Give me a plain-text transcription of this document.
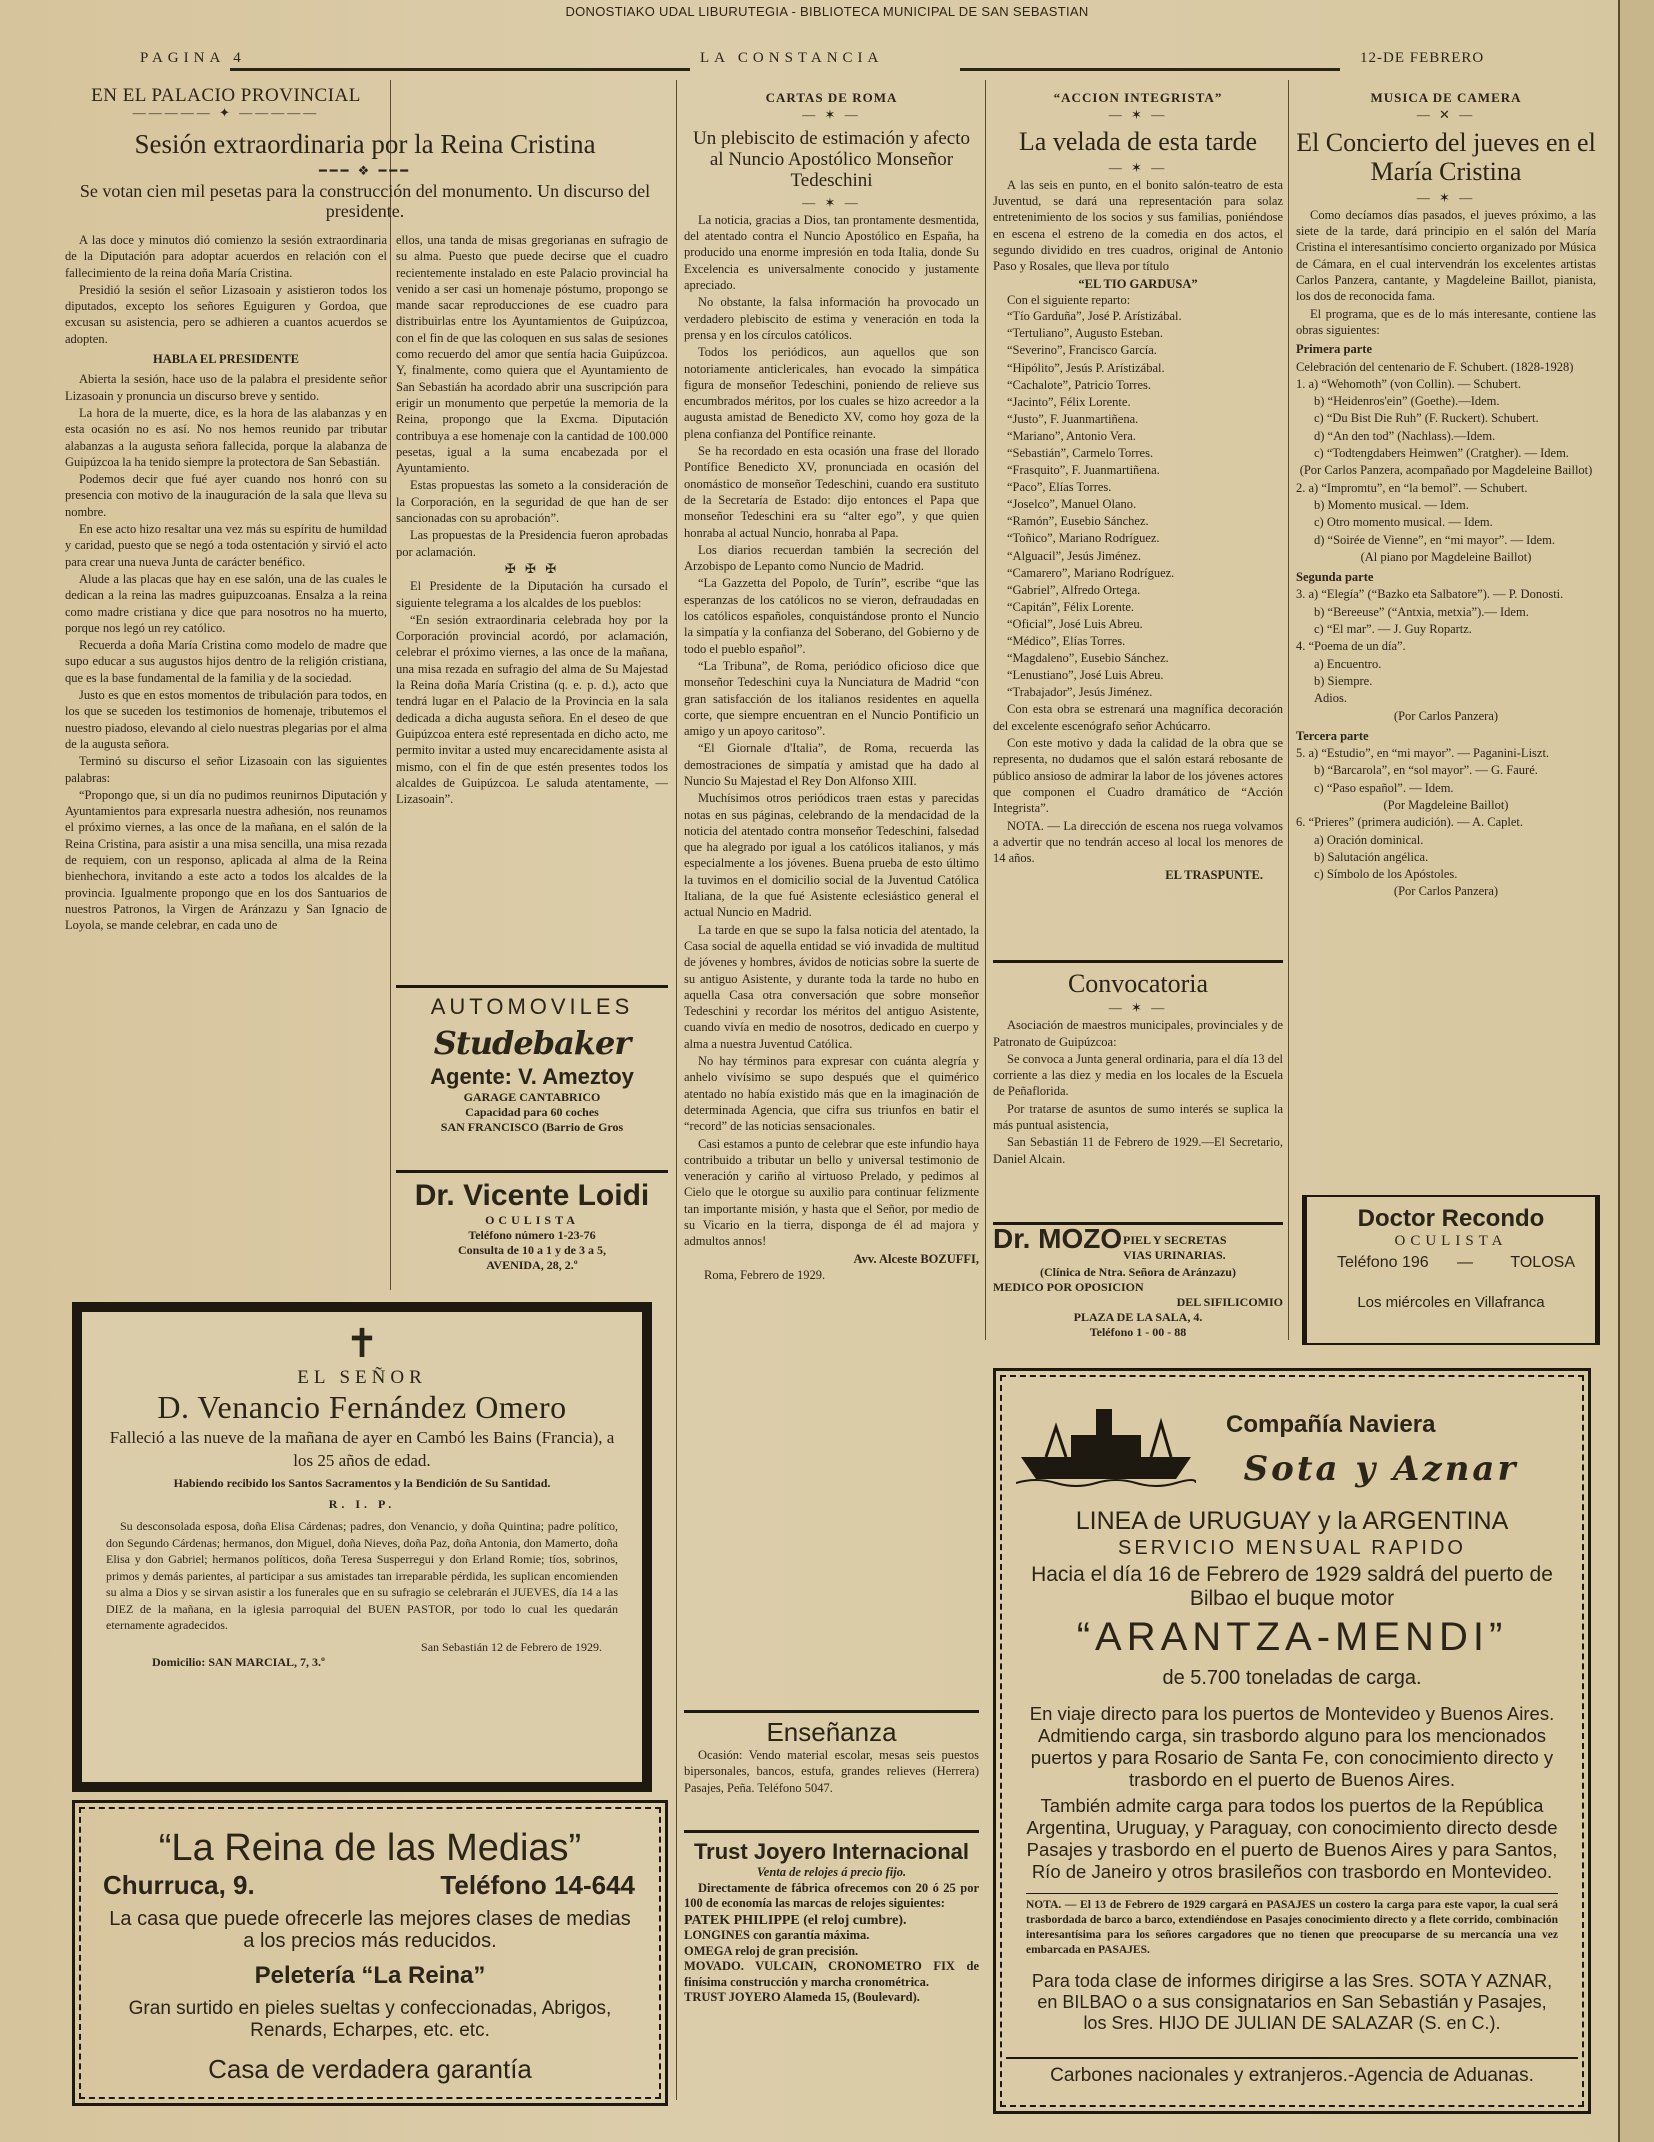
DONOSTIAKO UDAL LIBURUTEGIA - BIBLIOTECA MUNICIPAL DE SAN SEBASTIAN
PAGINA 4	LA CONSTANCIA	12-DE FEBRERO
EN EL PALACIO PROVINCIAL
————— ✦ —————
Sesión extraordinaria por la Reina Cristina
━━━ ❖ ━━━
Se votan cien mil pesetas para la construcción del monumento. Un discurso del presidente.

A las doce y minutos dió comienzo la sesión extraordinaria de la Diputación para adoptar acuerdos en relación con el fallecimiento de la reina doña María Cristina.

Presidió la sesión el señor Lizasoain y asistieron todos los diputados, excepto los señores Eguiguren y Gordoa, que excusan su asistencia, pero se adhieren a cuantos acuerdos se adopten.

HABLA EL PRESIDENTE

Abierta la sesión, hace uso de la palabra el presidente señor Lizasoain y pronuncia un discurso breve y sentido.

La hora de la muerte, dice, es la hora de las alabanzas y en esta ocasión no es así. No nos hemos reunido par tributar alabanzas a la augusta señora fallecida, porque la alabanza de Guipúzcoa la ha tenido siempre la protectora de San Sebastián.

Podemos decir que fué ayer cuando nos honró con su presencia con motivo de la inauguración de la sala que lleva su nombre.

En ese acto hizo resaltar una vez más su espíritu de humildad y caridad, puesto que se negó a toda ostentación y sirvió el acto para crear una nueva Junta de carácter benéfico.

Alude a las placas que hay en ese salón, una de las cuales le dedican a la reina las madres guipuzcoanas. Ensalza a la reina como madre cristiana y dice que para nosotros no ha muerto, porque nos legó un rey católico.

Recuerda a doña María Cristina como modelo de madre que supo educar a sus augustos hijos dentro de la religión cristiana, que es la base fundamental de la familia y de la sociedad.

Justo es que en estos momentos de tribulación para todos, en los que se suceden los testimonios de homenaje, tributemos el nuestro piadoso, elevando al cielo nuestras plegarias por el alma de la augusta señora.

Terminó su discurso el señor Lizasoain con las siguientes palabras:

“Propongo que, si un día no pudimos reunirnos Diputación y Ayuntamientos para expresarla nuestra adhesión, nos reunamos el próximo viernes, a las once de la mañana, en el salón de la Reina Cristina, para asistir a una misa sencilla, una misa rezada de requiem, con un responso, aplicada al alma de la Reina bienhechora, invitando a este acto a todos los alcaldes de la provincia. Igualmente propongo que en los dos Santuarios de nuestros Patronos, la Virgen de Aránzazu y San Ignacio de Loyola, se mande celebrar, en cada uno de

ellos, una tanda de misas gregorianas en sufragio de su alma. Puesto que puede decirse que el cuadro recientemente instalado en este Palacio provincial ha venido a ser casi un homenaje póstumo, propongo se mande sacar reproducciones de ese cuadro para distribuirlas entre los Ayuntamientos de Guipúzcoa, con el fin de que las coloquen en sus salas de sesiones como recuerdo del amor que sentía hacia Guipúzcoa. Y, finalmente, como quiera que el Ayuntamiento de San Sebastián ha acordado abrir una suscripción para erigir un monumento que perpetúe la memoria de la Reina, propongo que la Excma. Diputación contribuya a ese homenaje con la cantidad de 100.000 pesetas, igual a la suma encabezada por el Ayuntamiento.

Estas propuestas las someto a la consideración de la Corporación, en la seguridad de que han de ser sancionadas con su aprobación”.

Las propuestas de la Presidencia fueron aprobadas por aclamación.

✠ ✠ ✠

El Presidente de la Diputación ha cursado el siguiente telegrama a los alcaldes de los pueblos:

“En sesión extraordinaria celebrada hoy por la Corporación provincial acordó, por aclamación, celebrar el próximo viernes, a las once de la mañana, una misa rezada en sufragio del alma de Su Majestad la Reina doña María Cristina (q. e. p. d.), acto que tendrá lugar en el Palacio de la Provincia en la sala dedicada a dicha augusta señora. En el deseo de que Guipúzcoa entera esté representada en dicho acto, me permito invitar a usted muy encarecidamente asista al mismo, con el fin de que estén presentes todos los alcaldes de Guipúzcoa. Le saluda atentamente, — Lizasoain”.

AUTOMOVILES
Studebaker
Agente: V. Ameztoy
GARAGE CANTABRICO
Capacidad para 60 coches
SAN FRANCISCO (Barrio de Gros
Dr. Vicente Loidi
OCULISTA
Teléfono número 1-23-76
Consulta de 10 a 1 y de 3 a 5,
AVENIDA, 28, 2.º
✝
EL SEÑOR
D. Venancio Fernández Omero
Falleció a las nueve de la mañana de ayer en Cambó les Bains (Francia), a los 25 años de edad.
Habiendo recibido los Santos Sacramentos y la Bendición de Su Santidad.
R. I. P.
Su desconsolada esposa, doña Elisa Cárdenas; padres, don Venancio, y doña Quintina; padre político, don Segundo Cárdenas; hermanos, don Miguel, doña Nieves, doña Paz, doña Antonia, don Mamerto, doña Elisa y don Gabriel; hermanos políticos, doña Teresa Susperregui y don Erland Romie; tíos, sobrinos, primos y demás parientes, al participar a sus amistades tan irreparable pérdida, les suplican encomienden su alma a Dios y se sirvan asistir a los funerales que en su sufragio se celebrarán el JUEVES, día 14 a las DIEZ de la mañana, en la iglesia parroquial del BUEN PASTOR, por todo lo cual les quedarán eternamente agradecidos.
San Sebastián 12 de Febrero de 1929.
Domicilio: SAN MARCIAL, 7, 3.º
“La Reina de las Medias”
Churruca, 9.	Teléfono 14-644
La casa que puede ofrecerle las mejores clases de medias a los precios más reducidos.
Peletería “La Reina”
Gran surtido en pieles sueltas y confeccionadas, Abrigos, Renards, Echarpes, etc. etc.
Casa de verdadera garantía
CARTAS DE ROMA
— ✶ —
Un plebiscito de estimación y afecto al Nuncio Apostólico Monseñor Tedeschini
— ✶ —

La noticia, gracias a Dios, tan prontamente desmentida, del atentado contra el Nuncio Apostólico en España, ha producido una enorme impresión en toda Italia, donde Su Excelencia es universalmente conocido y justamente apreciado.

No obstante, la falsa información ha provocado un verdadero plebiscito de estima y veneración en toda la prensa y en los círculos católicos.

Todos los periódicos, aun aquellos que son notoriamente anticlericales, han evocado la simpática figura de monseñor Tedeschini, poniendo de relieve sus encumbrados méritos, por los cuales se hizo acreedor a la augusta amistad de Benedicto XV, como hoy goza de la plena confianza del Pontífice reinante.

Se ha recordado en esta ocasión una frase del llorado Pontífice Benedicto XV, pronunciada en ocasión del onomástico de monseñor Tedeschini, cuando era sustituto de la Secretaría de Estado: dijo entonces el Papa que monseñor Tedeschini era su “alter ego”, y que quien honraba al actual Nuncio, honraba al Papa.

Los diarios recuerdan también la secreción del Arzobispo de Lepanto como Nuncio de Madrid.

“La Gazzetta del Popolo, de Turín”, escribe “que las esperanzas de los católicos no se vieron, defraudadas en los católicos españoles, conquistándose pronto el Nuncio la simpatía y la confianza del Soberano, del Gobierno y de todo el pueblo español”.

“La Tribuna”, de Roma, periódico oficioso dice que monseñor Tedeschini cuya la Nunciatura de Madrid “con gran satisfacción de los italianos residentes en aquella corte, que siempre encuentran en el Nuncio Pontificio un amigo y un apoyo caritoso”.

“El Giornale d'Italia”, de Roma, recuerda las demostraciones de simpatía y amistad que ha dado al Nuncio Su Majestad el Rey Don Alfonso XIII.

Muchísimos otros periódicos traen estas y parecidas notas en sus páginas, celebrando de la mendacidad de la noticia del atentado contra monseñor Tedeschini, falsedad que ha alegrado por igual a los católicos italianos, y más especialmente a los jóvenes. Buena prueba de esto último la tuvimos en el domicilio social de la Juventud Católica Italiana, de la que fué Asistente eclesiástico general el actual Nuncio en Madrid.

La tarde en que se supo la falsa noticia del atentado, la Casa social de aquella entidad se vió invadida de multitud de jóvenes y hombres, ávidos de noticias sobre la suerte de su antiguo Asistente, y durante toda la tarde no hubo en aquella Casa otra conversación que sobre monseñor Tedeschini y recordar los méritos del antiguo Asistente, cuando vivía en medio de nosotros, dedicado en cuerpo y alma a nuestra Juventud Católica.

No hay términos para expresar con cuánta alegría y anhelo vivísimo se supo después que el quimérico atentado no había existido más que en la imaginación de determinada Agencia, que cifra sus triunfos en batir el “record” de las noticias sensacionales.

Casi estamos a punto de celebrar que este infundio haya contribuido a tributar un bello y universal testimonio de veneración y cariño al virtuoso Prelado, y pedimos al Cielo que le otorgue su auxilio para continuar felizmente tan importante misión, y hasta que el Señor, por medio de su Vicario en la tierra, disponga de él ad majora y admultos annos!

Avv. Alceste BOZUFFI,
Roma, Febrero de 1929.
Enseñanza

Ocasión: Vendo material escolar, mesas seis puestos bipersonales, bancos, estufa, grandes relieves (Herrera) Pasajes, Peña. Teléfono 5047.

Trust Joyero Internacional
Venta de relojes á precio fijo.

Directamente de fábrica ofrecemos con 20 ó 25 por 100 de economía las marcas de relojes siguientes:

PATEK PHILIPPE (el reloj cumbre).
LONGINES con garantía máxima.
OMEGA reloj de gran precisión.
MOVADO. VULCAIN, CRONOMETRO FIX de finísima construcción y marcha cronométrica.
TRUST JOYERO Alameda 15, (Boulevard).
“ACCION INTEGRISTA”
— ✶ —
La velada de esta tarde
— ✶ —

A las seis en punto, en el bonito salón-teatro de esta Juventud, se dará una representación para solaz entretenimiento de los socios y sus familias, poniéndose en escena el estreno de la comedia en dos actos, el segundo dividido en tres cuadros, original de Antonio Paso y Rosales, que lleva por título

“EL TIO GARDUSA”
Con el siguiente reparto:
“Tío Garduña”, José P. Arístizábal.
“Tertuliano”, Augusto Esteban.
“Severino”, Francisco García.
“Hipólito”, Jesús P. Arístizábal.
“Cachalote”, Patricio Torres.
“Jacinto”, Félix Lorente.
“Justo”, F. Juanmartiñena.
“Mariano”, Antonio Vera.
“Sebastián”, Carmelo Torres.
“Frasquito”, F. Juanmartiñena.
“Paco”, Elías Torres.
“Joselco”, Manuel Olano.
“Ramón”, Eusebio Sánchez.
“Toñico”, Mariano Rodríguez.
“Alguacil”, Jesús Jiménez.
“Camarero”, Mariano Rodríguez.
“Gabriel”, Alfredo Ortega.
“Capitán”, Félix Lorente.
“Oficial”, José Luis Abreu.
“Médico”, Elías Torres.
“Magdaleno”, Eusebio Sánchez.
“Lenustiano”, José Luis Abreu.
“Trabajador”, Jesús Jiménez.

Con esta obra se estrenará una magnífica decoración del excelente escenógrafo señor Achúcarro.

Con este motivo y dada la calidad de la obra que se representa, no dudamos que el salón estará rebosante de público ansioso de admirar la labor de los jóvenes actores que componen el Cuadro dramático de “Acción Integrista”.

NOTA. — La dirección de escena nos ruega volvamos a advertir que no tendrán acceso al local los menores de 14 años.

EL TRASPUNTE.
Convocatoria
— ✶ —

Asociación de maestros municipales, provinciales y de Patronato de Guipúzcoa:

Se convoca a Junta general ordinaria, para el día 13 del corriente a las diez y media en los locales de la Escuela de Peñaflorida.

Por tratarse de asuntos de sumo interés se suplica la más puntual asistencia,

San Sebastián 11 de Febrero de 1929.—El Secretario, Daniel Alcain.

Dr. MOZO PIEL Y SECRETAS
VIAS URINARIAS.
(Clínica de Ntra. Señora de Aránzazu)
MEDICO POR OPOSICION
DEL SIFILICOMIO
PLAZA DE LA SALA, 4.
Teléfono 1 - 00 - 88
MUSICA DE CAMERA
— ✕ —
El Concierto del jueves en el María Cristina
— ✶ —

Como decíamos días pasados, el jueves próximo, a las siete de la tarde, dará principio en el salón del María Cristina el interesantísimo concierto organizado por Música de Cámara, en el cual intervendrán los excelentes artistas Carlos Panzera, cantante, y Magdeleine Baillot, pianista, los dos de reconocida fama.

El programa, que es de lo más interesante, contiene las obras siguientes:

Primera parte
Celebración del centenario de F. Schubert. (1828-1928)
1. a) “Wehomoth” (von Collin). — Schubert.
b) “Heidenros'ein” (Goethe).—Idem.
c) “Du Bist Die Ruh” (F. Ruckert). Schubert.
d) “An den tod” (Nachlass).—Idem.
c) “Todtengdabers Heimwen” (Cratgher). — Idem.
(Por Carlos Panzera, acompañado por Magdeleine Baillot)
2. a) “Impromtu”, en “la bemol”. — Schubert.
b) Momento musical. — Idem.
c) Otro momento musical. — Idem.
d) “Soirée de Vienne”, en “mi mayor”. — Idem.
(Al piano por Magdeleine Baillot)
Segunda parte
3. a) “Elegía” (“Bazko eta Salbatore”). — P. Donosti.
b) “Bereeuse” (“Antxia, metxia”).— Idem.
c) “El mar”. — J. Guy Ropartz.
4. “Poema de un día”.
a) Encuentro.
b) Siempre.
Adios.
(Por Carlos Panzera)
Tercera parte
5. a) “Estudio”, en “mi mayor”. — Paganini-Liszt.
b) “Barcarola”, en “sol mayor”. — G. Fauré.
c) “Paso español”. — Idem.
(Por Magdeleine Baillot)
6. “Prieres” (primera audición). — A. Caplet.
a) Oración dominical.
b) Salutación angélica.
c) Símbolo de los Apóstoles.
(Por Carlos Panzera)
Doctor Recondo
OCULISTA
Teléfono 196 — TOLOSA
Los miércoles en Villafranca
Compañía Naviera
Sota y Aznar
LINEA de URUGUAY y la ARGENTINA
SERVICIO MENSUAL RAPIDO
Hacia el día 16 de Febrero de 1929 saldrá del puerto de Bilbao el buque motor
“ARANTZA-MENDI”
de 5.700 toneladas de carga.
En viaje directo para los puertos de Montevideo y Buenos Aires. Admitiendo carga, sin trasbordo alguno para los mencionados puertos y para Rosario de Santa Fe, con conocimiento directo y trasbordo en el puerto de Buenos Aires.
También admite carga para todos los puertos de la República Argentina, Uruguay, y Paraguay, con conocimiento directo desde Pasajes y trasbordo en el puerto de Buenos Aires y para Santos, Río de Janeiro y otros brasileños con trasbordo en Montevideo.
NOTA. — El 13 de Febrero de 1929 cargará en PASAJES un costero la carga para este vapor, la cual será trasbordada de barco a barco, extendiéndose en Pasajes conocimiento directo y a flete corrido, combinación interesantísima para los señores cargadores que no tienen que preocuparse de su mercancía una vez embarcada en PASAJES.
Para toda clase de informes dirigirse a las Sres. SOTA Y AZNAR, en BILBAO o a sus consignatarios en San Sebastián y Pasajes, los Sres. HIJO DE JULIAN DE SALAZAR (S. en C.).
Carbones nacionales y extranjeros.-Agencia de Aduanas.
